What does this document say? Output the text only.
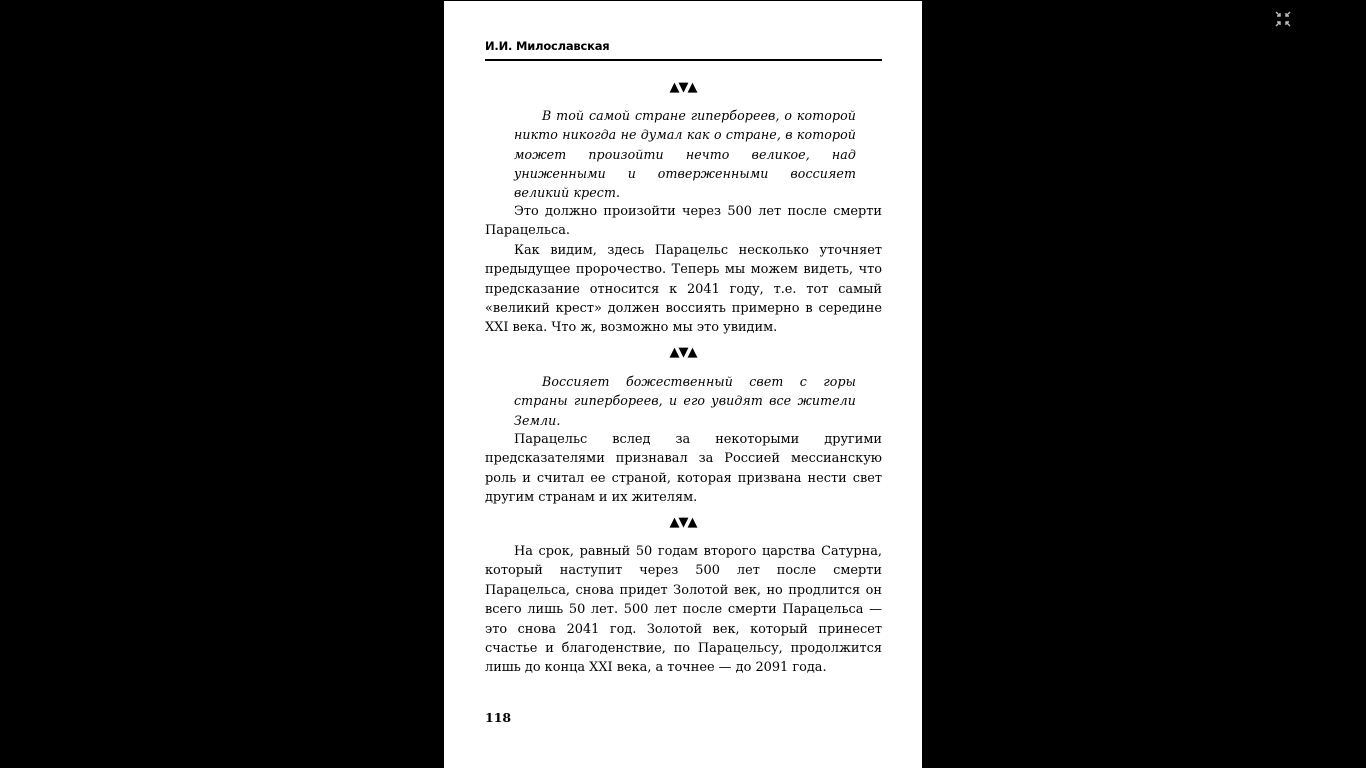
И.И. Милославская
▲▼▲

В той самой стране гипербореев, о которой никто никогда не думал как о стране, в которой может произойти нечто великое, над униженными и отверженными воссияет великий крест.

Это должно произойти через 500 лет после смерти Парацельса.

Как видим, здесь Парацельс несколько уточняет предыдущее пророчество. Теперь мы можем видеть, что предсказание относится к 2041 году, т.е. тот самый «великий крест» должен воссиять примерно в середине XXI века. Что ж, возможно мы это увидим.

▲▼▲

Воссияет божественный свет с горы страны гипербореев, и его увидят все жители Земли.

Парацельс вслед за некоторыми другими предсказателями признавал за Россией мессианскую роль и считал ее страной, которая призвана нести свет другим странам и их жителям.

▲▼▲

На срок, равный 50 годам второго царства Сатурна, который наступит через 500 лет после смерти Парацельса, снова придет Золотой век, но продлится он всего лишь 50 лет. 500 лет после смерти Парацельса — это снова 2041 год. Золотой век, который принесет счастье и благоденствие, по Парацельсу, продолжится лишь до конца XXI века, а точнее — до 2091 года.

118
